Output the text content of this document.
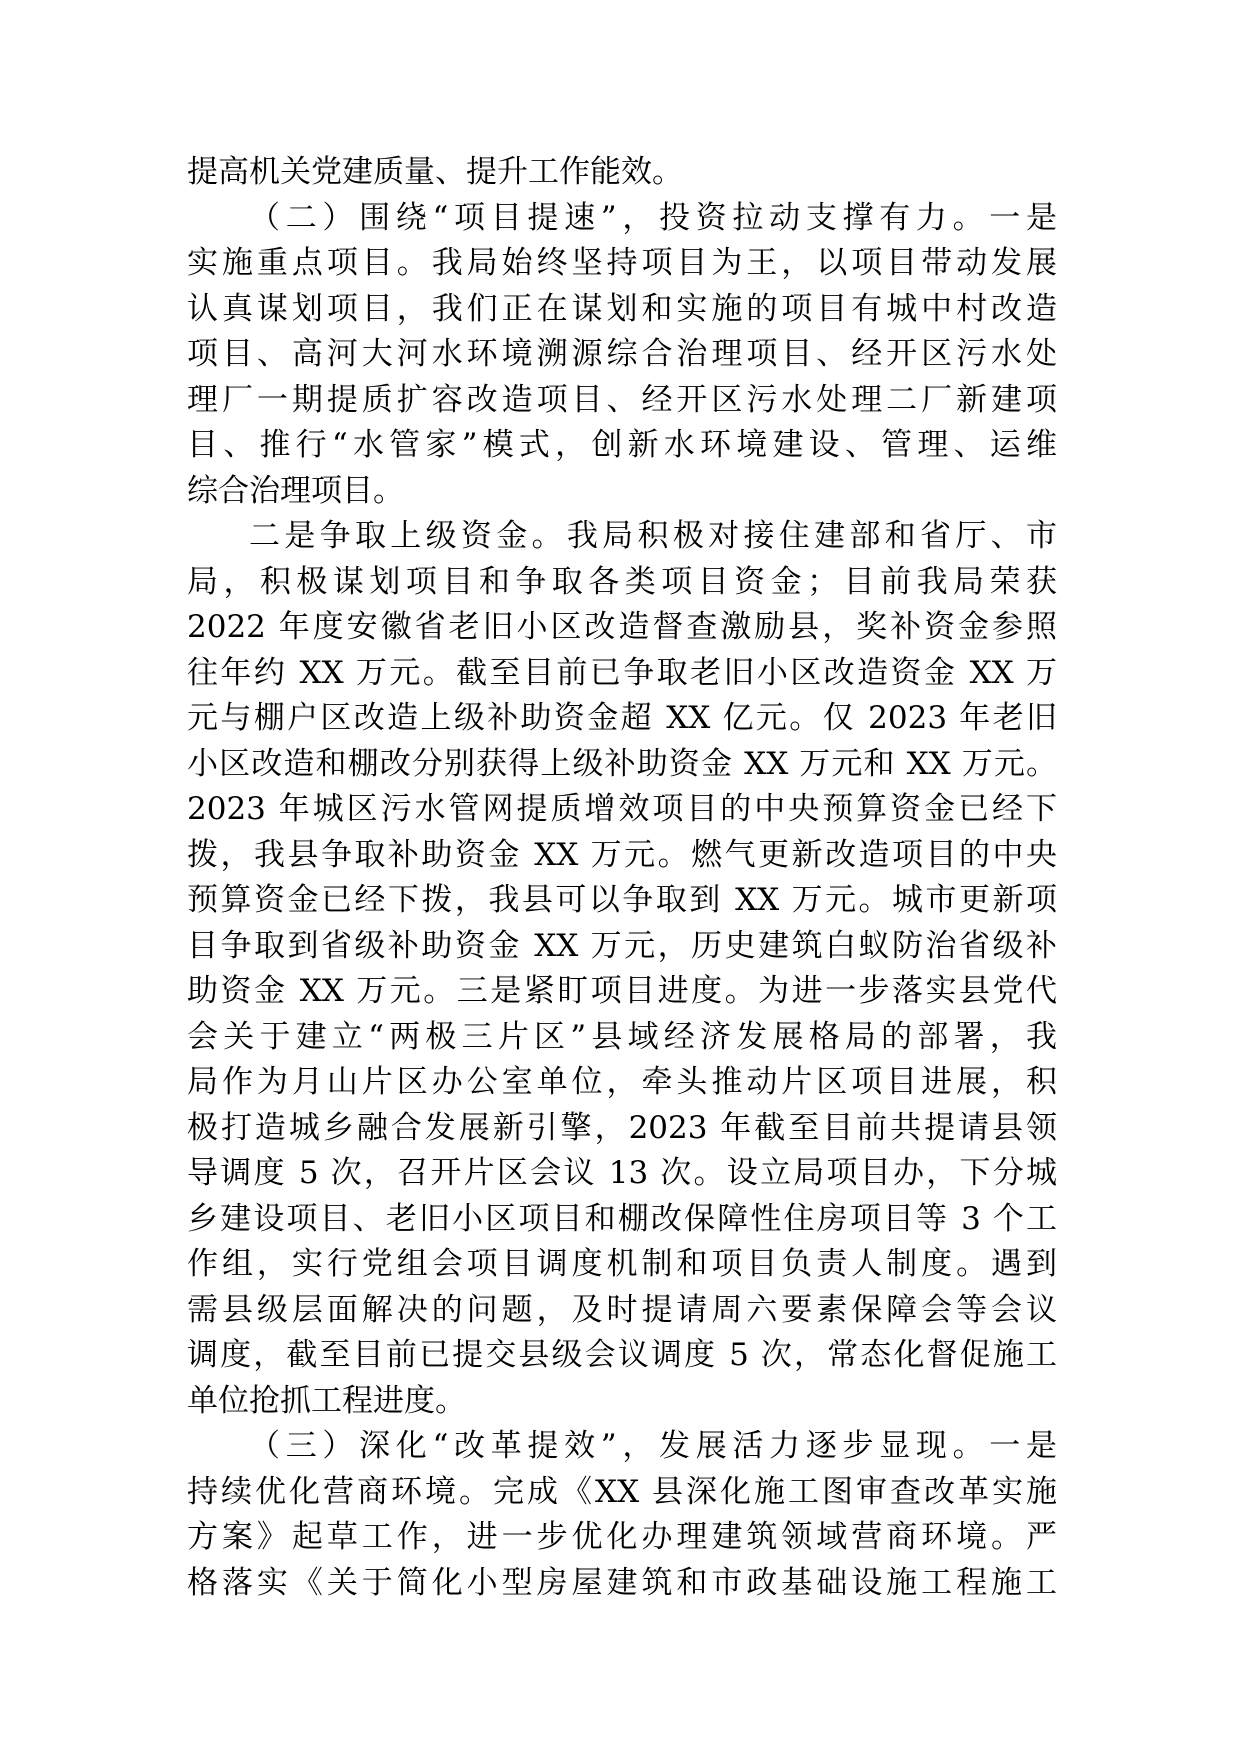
提高机关党建质量、提升工作能效。
（二）围绕“项目提速”，投资拉动支撑有力。一是
实施重点项目。我局始终坚持项目为王，以项目带动发展
认真谋划项目，我们正在谋划和实施的项目有城中村改造
项目、高河大河水环境溯源综合治理项目、经开区污水处
理厂一期提质扩容改造项目、经开区污水处理二厂新建项
目、推行“水管家”模式，创新水环境建设、管理、运维
综合治理项目。
二是争取上级资金。我局积极对接住建部和省厅、市
局，积极谋划项目和争取各类项目资金；目前我局荣获
2022 年度安徽省老旧小区改造督查激励县，奖补资金参照
往年约 XX 万元。截至目前已争取老旧小区改造资金 XX 万
元与棚户区改造上级补助资金超 XX 亿元。仅 2023 年老旧
小区改造和棚改分别获得上级补助资金 XX 万元和 XX 万元。
2023 年城区污水管网提质增效项目的中央预算资金已经下
拨，我县争取补助资金 XX 万元。燃气更新改造项目的中央
预算资金已经下拨，我县可以争取到 XX 万元。城市更新项
目争取到省级补助资金 XX 万元，历史建筑白蚁防治省级补
助资金 XX 万元。三是紧盯项目进度。为进一步落实县党代
会关于建立“两极三片区”县域经济发展格局的部署，我
局作为月山片区办公室单位，牵头推动片区项目进展，积
极打造城乡融合发展新引擎，2023 年截至目前共提请县领
导调度 5 次，召开片区会议 13 次。设立局项目办，下分城
乡建设项目、老旧小区项目和棚改保障性住房项目等 3 个工
作组，实行党组会项目调度机制和项目负责人制度。遇到
需县级层面解决的问题，及时提请周六要素保障会等会议
调度，截至目前已提交县级会议调度 5 次，常态化督促施工
单位抢抓工程进度。
（三）深化“改革提效”，发展活力逐步显现。一是
持续优化营商环境。完成《XX 县深化施工图审查改革实施
方案》起草工作，进一步优化办理建筑领域营商环境。严
格落实《关于简化小型房屋建筑和市政基础设施工程施工
